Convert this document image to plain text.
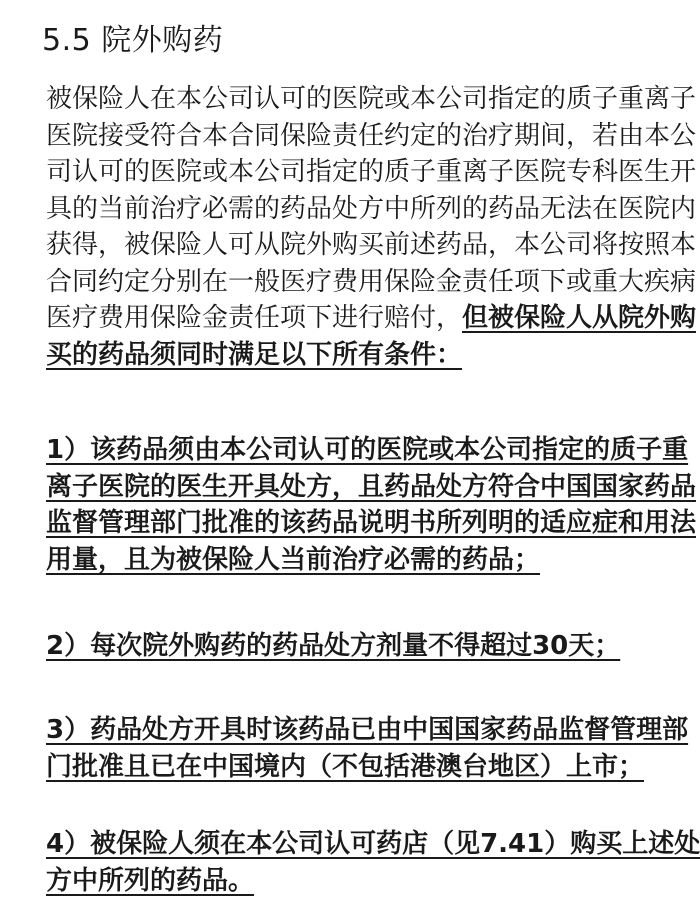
5.5 院外购药

被保险人在本公司认可的医院或本公司指定的质子重离子
医院接受符合本合同保险责任约定的治疗期间，若由本公
司认可的医院或本公司指定的质子重离子医院专科医生开
具的当前治疗必需的药品处方中所列的药品无法在医院内
获得，被保险人可从院外购买前述药品，本公司将按照本
合同约定分别在一般医疗费用保险金责任项下或重大疾病
医疗费用保险金责任项下进行赔付，但被保险人从院外购
买的药品须同时满足以下所有条件：

1）该药品须由本公司认可的医院或本公司指定的质子重
离子医院的医生开具处方，且药品处方符合中国国家药品
监督管理部门批准的该药品说明书所列明的适应症和用法
用量，且为被保险人当前治疗必需的药品；

2）每次院外购药的药品处方剂量不得超过30天；

3）药品处方开具时该药品已由中国国家药品监督管理部
门批准且已在中国境内（不包括港澳台地区）上市；

4）被保险人须在本公司认可药店（见7.41）购买上述处
方中所列的药品。
